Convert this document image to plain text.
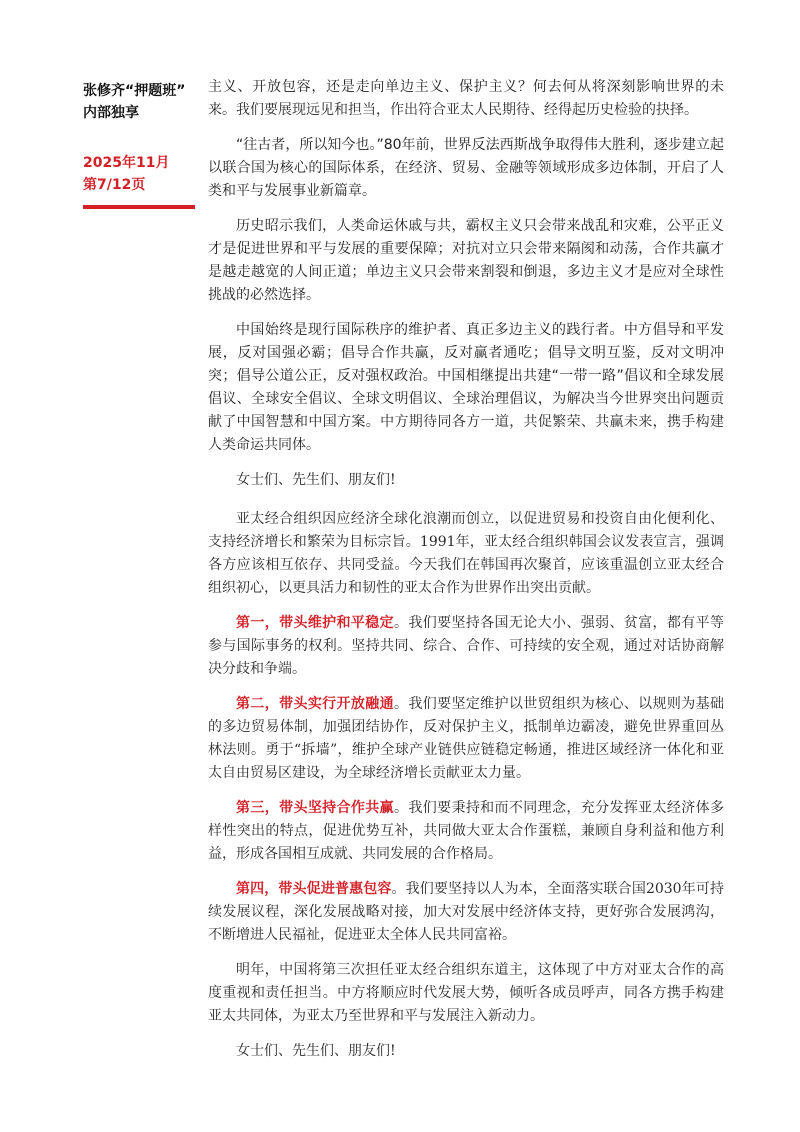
张修齐“押题班”
内部独享
2025年11月
第7/12页

主义、开放包容，还是走向单边主义、保护主义？何去何从将深刻影响世界的未来。我们要展现远见和担当，作出符合亚太人民期待、经得起历史检验的抉择。

“往古者，所以知今也。”80年前，世界反法西斯战争取得伟大胜利，逐步建立起以联合国为核心的国际体系，在经济、贸易、金融等领域形成多边体制，开启了人类和平与发展事业新篇章。

历史昭示我们，人类命运休戚与共，霸权主义只会带来战乱和灾难，公平正义才是促进世界和平与发展的重要保障；对抗对立只会带来隔阂和动荡，合作共赢才是越走越宽的人间正道；单边主义只会带来割裂和倒退，多边主义才是应对全球性挑战的必然选择。

中国始终是现行国际秩序的维护者、真正多边主义的践行者。中方倡导和平发展，反对国强必霸；倡导合作共赢，反对赢者通吃；倡导文明互鉴，反对文明冲突；倡导公道公正，反对强权政治。中国相继提出共建“一带一路”倡议和全球发展倡议、全球安全倡议、全球文明倡议、全球治理倡议，为解决当今世界突出问题贡献了中国智慧和中国方案。中方期待同各方一道，共促繁荣、共赢未来，携手构建人类命运共同体。

女士们、先生们、朋友们!

亚太经合组织因应经济全球化浪潮而创立，以促进贸易和投资自由化便利化、支持经济增长和繁荣为目标宗旨。1991年，亚太经合组织韩国会议发表宣言，强调各方应该相互依存、共同受益。今天我们在韩国再次聚首，应该重温创立亚太经合组织初心，以更具活力和韧性的亚太合作为世界作出突出贡献。

第一，带头维护和平稳定。我们要坚持各国无论大小、强弱、贫富，都有平等参与国际事务的权利。坚持共同、综合、合作、可持续的安全观，通过对话协商解决分歧和争端。

第二，带头实行开放融通。我们要坚定维护以世贸组织为核心、以规则为基础的多边贸易体制，加强团结协作，反对保护主义，抵制单边霸凌，避免世界重回丛林法则。勇于“拆墙”，维护全球产业链供应链稳定畅通，推进区域经济一体化和亚太自由贸易区建设，为全球经济增长贡献亚太力量。

第三，带头坚持合作共赢。我们要秉持和而不同理念，充分发挥亚太经济体多样性突出的特点，促进优势互补，共同做大亚太合作蛋糕，兼顾自身利益和他方利益，形成各国相互成就、共同发展的合作格局。

第四，带头促进普惠包容。我们要坚持以人为本，全面落实联合国2030年可持续发展议程，深化发展战略对接，加大对发展中经济体支持，更好弥合发展鸿沟，不断增进人民福祉，促进亚太全体人民共同富裕。

明年，中国将第三次担任亚太经合组织东道主，这体现了中方对亚太合作的高度重视和责任担当。中方将顺应时代发展大势，倾听各成员呼声，同各方携手构建亚太共同体，为亚太乃至世界和平与发展注入新动力。

女士们、先生们、朋友们!
